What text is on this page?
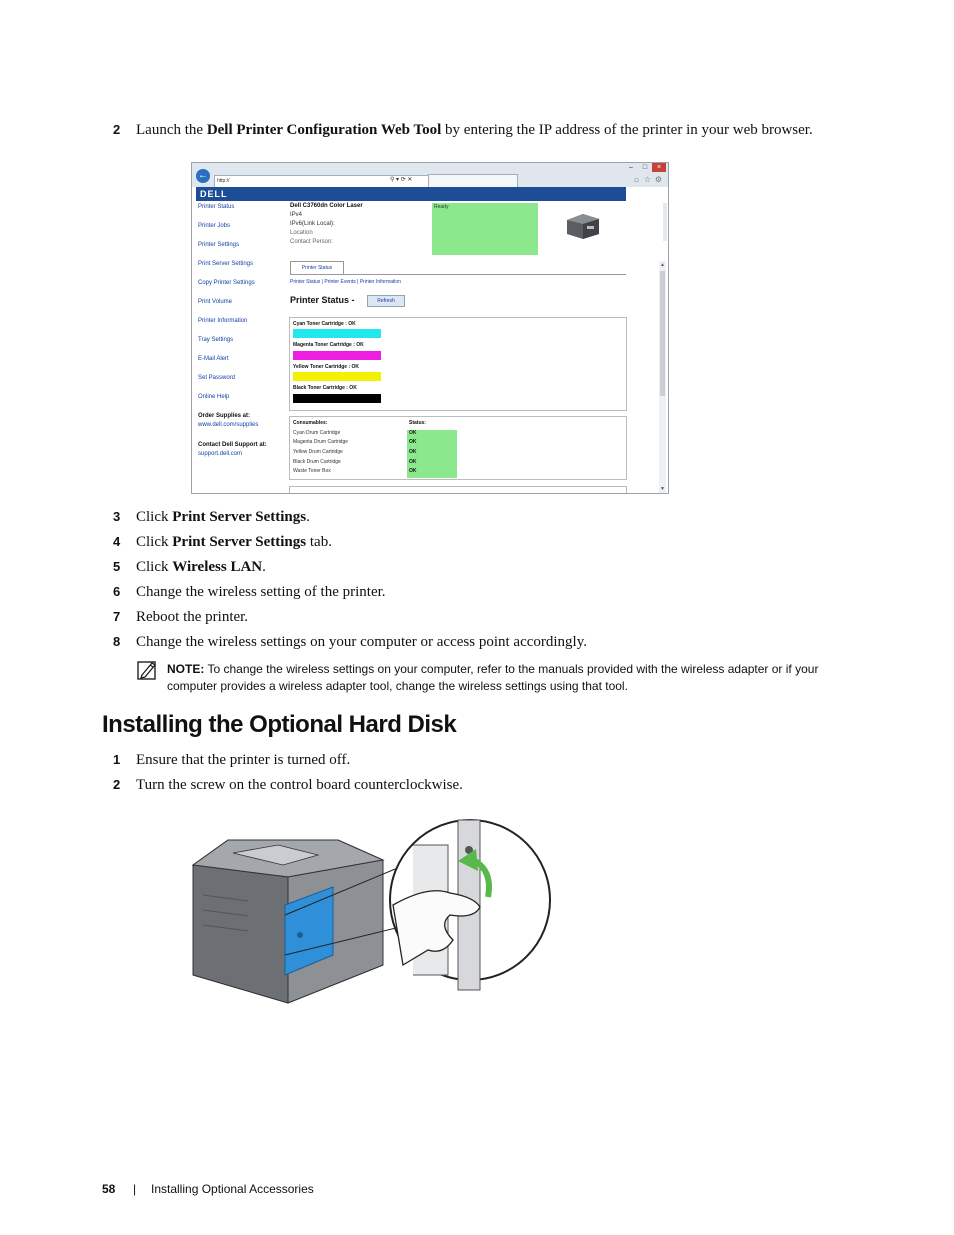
2 Launch the Dell Printer Configuration Web Tool by entering the IP address of the printer in your web browser.
←	http://	⚲ ▾ ⟳ ✕
–	□	×
⌂ ☆ ⚙
DELL
Printer Status
Printer Jobs
Printer Settings
Print Server Settings
Copy Printer Settings
Print Volume
Printer Information
Tray Settings
E-Mail Alert
Set Password
Online Help
Order Supplies at:
www.dell.com/supplies
Contact Dell Support at:
support.dell.com
Dell C3760dn Color Laser
IPv4
IPv6(Link Local):
Location
Contact Person:
Ready
▲
▼
Printer Status
Printer Status | Printer Events | Printer Information
Printer Status -	Refresh
Cyan Toner Cartridge : OK
Magenta Toner Cartridge : OK
Yellow Toner Cartridge : OK
Black Toner Cartridge : OK
Consumables:	Status:
Cyan Drum Cartridge	OK
Magenta Drum Cartridge	OK
Yellow Drum Cartridge	OK
Black Drum Cartridge	OK
Waste Toner Box	OK
3 Click Print Server Settings.
4 Click Print Server Settings tab.
5 Click Wireless LAN.
6 Change the wireless setting of the printer.
7 Reboot the printer.
8 Change the wireless settings on your computer or access point accordingly.
NOTE: To change the wireless settings on your computer, refer to the manuals provided with the wireless adapter or if your computer provides a wireless adapter tool, change the wireless settings using that tool.
Installing the Optional Hard Disk
1 Ensure that the printer is turned off.
2 Turn the screw on the control board counterclockwise.
58 | Installing Optional Accessories
